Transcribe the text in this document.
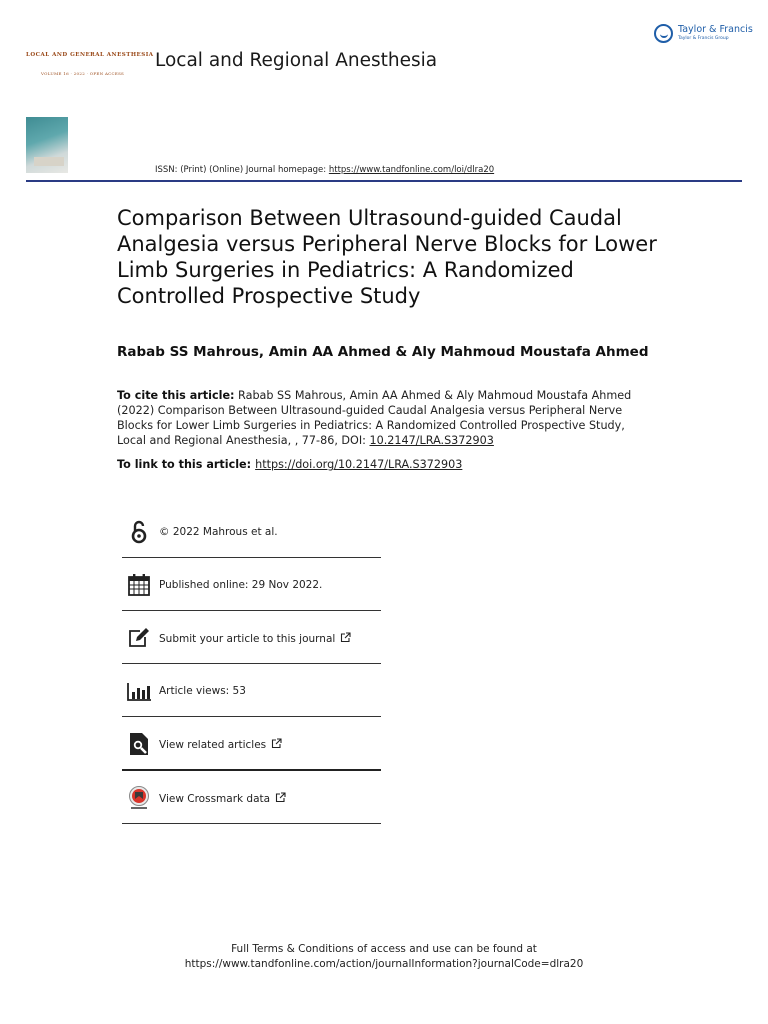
Taylor & Francis
Taylor & Francis Group
LOCAL AND GENERAL ANESTHESIA
VOLUME 16 · 2022 · OPEN ACCESS
Local and Regional Anesthesia
ISSN: (Print) (Online) Journal homepage: https://www.tandfonline.com/loi/dlra20
Comparison Between Ultrasound-guided Caudal Analgesia versus Peripheral Nerve Blocks for Lower Limb Surgeries in Pediatrics: A Randomized Controlled Prospective Study
Rabab SS Mahrous, Amin AA Ahmed & Aly Mahmoud Moustafa Ahmed
To cite this article: Rabab SS Mahrous, Amin AA Ahmed & Aly Mahmoud Moustafa Ahmed (2022) Comparison Between Ultrasound-guided Caudal Analgesia versus Peripheral Nerve Blocks for Lower Limb Surgeries in Pediatrics: A Randomized Controlled Prospective Study, Local and Regional Anesthesia, , 77-86, DOI: 10.2147/LRA.S372903
To link to this article: https://doi.org/10.2147/LRA.S372903
© 2022 Mahrous et al.
Published online: 29 Nov 2022.
Submit your article to this journal
Article views: 53
View related articles
View Crossmark data
Full Terms & Conditions of access and use can be found at
https://www.tandfonline.com/action/journalInformation?journalCode=dlra20
